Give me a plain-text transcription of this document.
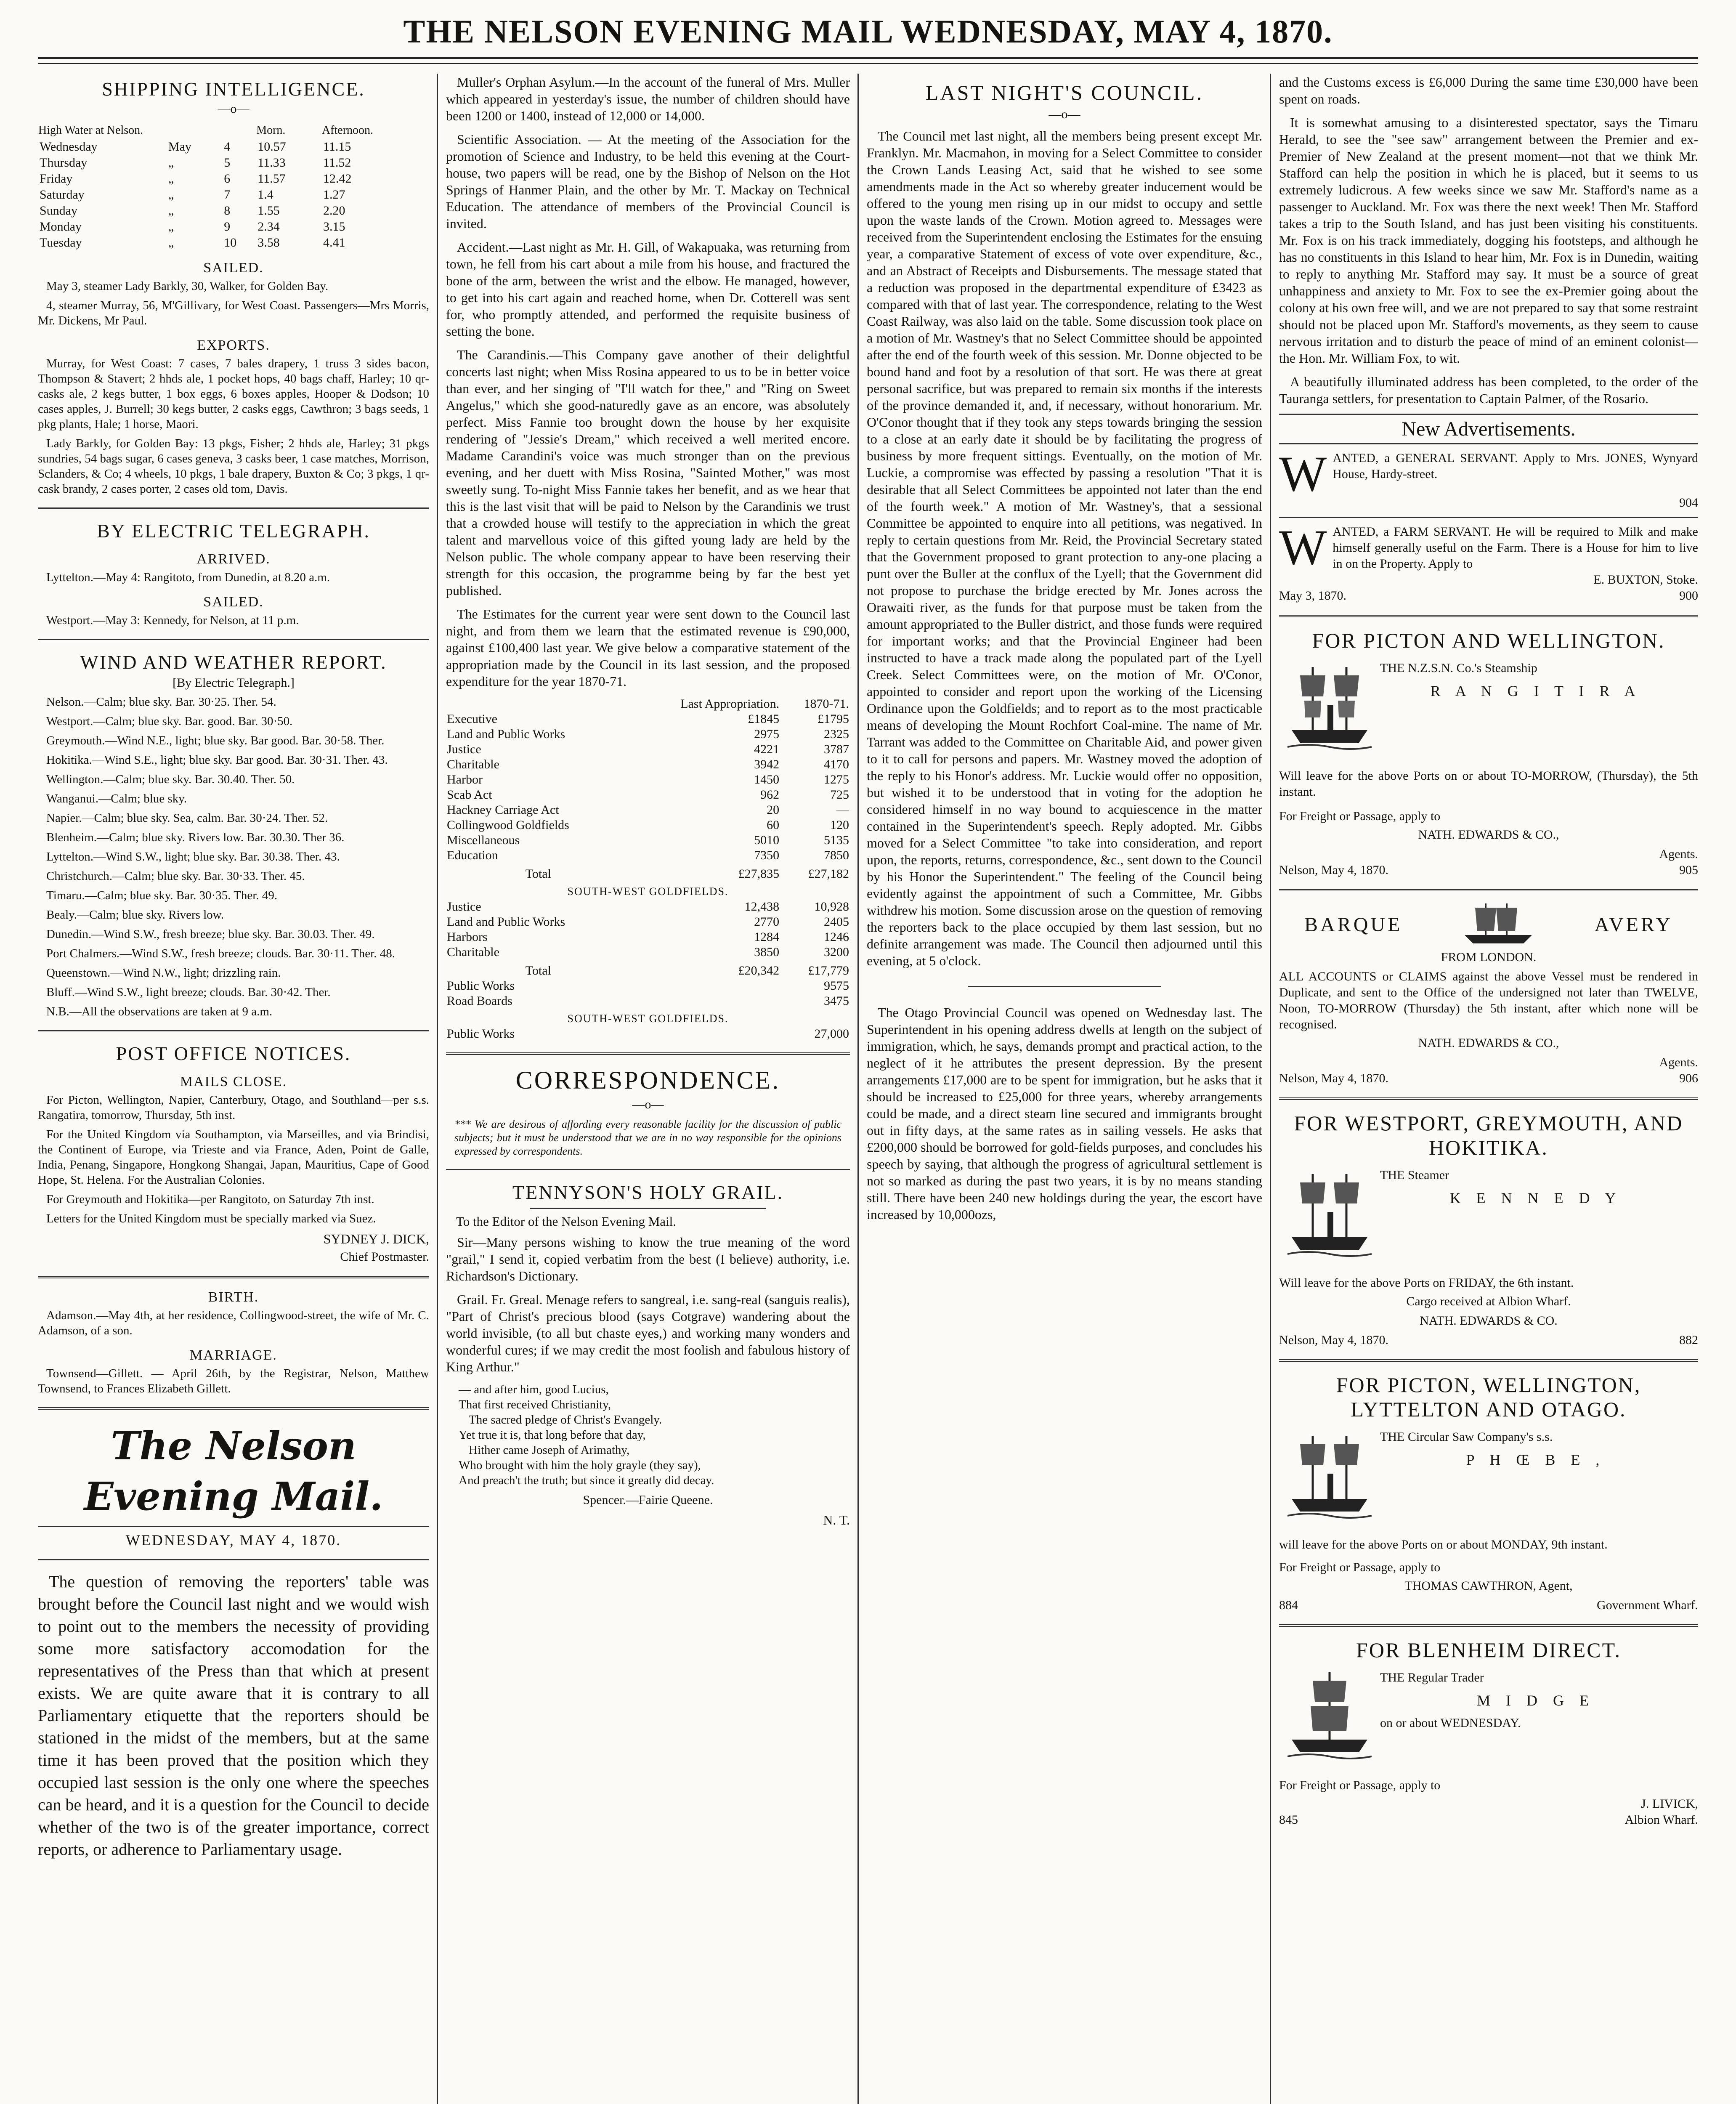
THE NELSON EVENING MAIL WEDNESDAY, MAY 4, 1870.
SHIPPING INTELLIGENCE.
—o—
High Water at Nelson.			Morn.	Afternoon.
Wednesday	May	4	10.57	11.15
Thursday	„	5	11.33	11.52
Friday	„	6	11.57	12.42
Saturday	„	7	1.4	1.27
Sunday	„	8	1.55	2.20
Monday	„	9	2.34	3.15
Tuesday	„	10	3.58	4.41
SAILED.
May 3, steamer Lady Barkly, 30, Walker, for Golden Bay.
4, steamer Murray, 56, M'Gillivary, for West Coast. Passengers—Mrs Morris, Mr. Dickens, Mr Paul.
EXPORTS.
Murray, for West Coast: 7 cases, 7 bales drapery, 1 truss 3 sides bacon, Thompson & Stavert; 2 hhds ale, 1 pocket hops, 40 bags chaff, Harley; 10 qr-casks ale, 2 kegs butter, 1 box eggs, 6 boxes apples, Hooper & Dodson; 10 cases apples, J. Burrell; 30 kegs butter, 2 casks eggs, Cawthron; 3 bags seeds, 1 pkg plants, Hale; 1 horse, Maori.
Lady Barkly, for Golden Bay: 13 pkgs, Fisher; 2 hhds ale, Harley; 31 pkgs sundries, 54 bags sugar, 6 cases geneva, 3 casks beer, 1 case matches, Morrison, Sclanders, & Co; 4 wheels, 10 pkgs, 1 bale drapery, Buxton & Co; 3 pkgs, 1 qr-cask brandy, 2 cases porter, 2 cases old tom, Davis.
BY ELECTRIC TELEGRAPH.
ARRIVED.
Lyttelton.—May 4: Rangitoto, from Dunedin, at 8.20 a.m.
SAILED.
Westport.—May 3: Kennedy, for Nelson, at 11 p.m.
WIND AND WEATHER REPORT.
[By Electric Telegraph.]
Nelson.—Calm; blue sky. Bar. 30·25. Ther. 54.
Westport.—Calm; blue sky. Bar. good. Bar. 30·50.
Greymouth.—Wind N.E., light; blue sky. Bar good. Bar. 30·58. Ther.
Hokitika.—Wind S.E., light; blue sky. Bar good. Bar. 30·31. Ther. 43.
Wellington.—Calm; blue sky. Bar. 30.40. Ther. 50.
Wanganui.—Calm; blue sky.
Napier.—Calm; blue sky. Sea, calm. Bar. 30·24. Ther. 52.
Blenheim.—Calm; blue sky. Rivers low. Bar. 30.30. Ther 36.
Lyttelton.—Wind S.W., light; blue sky. Bar. 30.38. Ther. 43.
Christchurch.—Calm; blue sky. Bar. 30·33. Ther. 45.
Timaru.—Calm; blue sky. Bar. 30·35. Ther. 49.
Bealy.—Calm; blue sky. Rivers low.
Dunedin.—Wind S.W., fresh breeze; blue sky. Bar. 30.03. Ther. 49.
Port Chalmers.—Wind S.W., fresh breeze; clouds. Bar. 30·11. Ther. 48.
Queenstown.—Wind N.W., light; drizzling rain.
Bluff.—Wind S.W., light breeze; clouds. Bar. 30·42. Ther.
N.B.—All the observations are taken at 9 a.m.
POST OFFICE NOTICES.
MAILS CLOSE.
For Picton, Wellington, Napier, Canterbury, Otago, and Southland—per s.s. Rangatira, tomorrow, Thursday, 5th inst.
For the United Kingdom via Southampton, via Marseilles, and via Brindisi, the Continent of Europe, via Trieste and via France, Aden, Point de Galle, India, Penang, Singapore, Hongkong Shangai, Japan, Mauritius, Cape of Good Hope, St. Helena. For the Australian Colonies.
For Greymouth and Hokitika—per Rangitoto, on Saturday 7th inst.
Letters for the United Kingdom must be specially marked via Suez.
SYDNEY J. DICK,
Chief Postmaster.
BIRTH.
Adamson.—May 4th, at her residence, Collingwood-street, the wife of Mr. C. Adamson, of a son.
MARRIAGE.
Townsend—Gillett. — April 26th, by the Registrar, Nelson, Matthew Townsend, to Frances Elizabeth Gillett.
The Nelson Evening Mail.
WEDNESDAY, MAY 4, 1870.
The question of removing the reporters' table was brought before the Council last night and we would wish to point out to the members the necessity of providing some more satisfactory accomodation for the representatives of the Press than that which at present exists. We are quite aware that it is contrary to all Parliamentary etiquette that the reporters should be stationed in the midst of the members, but at the same time it has been proved that the position which they occupied last session is the only one where the speeches can be heard, and it is a question for the Council to decide whether of the two is of the greater importance, correct reports, or adherence to Parliamentary usage.
Muller's Orphan Asylum.—In the account of the funeral of Mrs. Muller which appeared in yesterday's issue, the number of children should have been 1200 or 1400, instead of 12,000 or 14,000.
Scientific Association. — At the meeting of the Association for the promotion of Science and Industry, to be held this evening at the Court-house, two papers will be read, one by the Bishop of Nelson on the Hot Springs of Hanmer Plain, and the other by Mr. T. Mackay on Technical Education. The attendance of members of the Provincial Council is invited.
Accident.—Last night as Mr. H. Gill, of Wakapuaka, was returning from town, he fell from his cart about a mile from his house, and fractured the bone of the arm, between the wrist and the elbow. He managed, however, to get into his cart again and reached home, when Dr. Cotterell was sent for, who promptly attended, and performed the requisite business of setting the bone.
The Carandinis.—This Company gave another of their delightful concerts last night; when Miss Rosina appeared to us to be in better voice than ever, and her singing of "I'll watch for thee," and "Ring on Sweet Angelus," which she good-naturedly gave as an encore, was absolutely perfect. Miss Fannie too brought down the house by her exquisite rendering of "Jessie's Dream," which received a well merited encore. Madame Carandini's voice was much stronger than on the previous evening, and her duett with Miss Rosina, "Sainted Mother," was most sweetly sung. To-night Miss Fannie takes her benefit, and as we hear that this is the last visit that will be paid to Nelson by the Carandinis we trust that a crowded house will testify to the appreciation in which the great talent and marvellous voice of this gifted young lady are held by the Nelson public. The whole company appear to have been reserving their strength for this occasion, the programme being by far the best yet published.
The Estimates for the current year were sent down to the Council last night, and from them we learn that the estimated revenue is £90,000, against £100,400 last year. We give below a comparative statement of the appropriation made by the Council in its last session, and the proposed expenditure for the year 1870-71.
	Last Appropriation.	1870-71.
Executive	£1845	£1795
Land and Public Works	2975	2325
Justice	4221	3787
Charitable	3942	4170
Harbor	1450	1275
Scab Act	962	725
Hackney Carriage Act	20	—
Collingwood Goldfields	60	120
Miscellaneous	5010	5135
Education	7350	7850
Total	£27,835	£27,182
SOUTH-WEST GOLDFIELDS.		
Justice	12,438	10,928
Land and Public Works	2770	2405
Harbors	1284	1246
Charitable	3850	3200
Total	£20,342	£17,779
Public Works		9575
Road Boards		3475
SOUTH-WEST GOLDFIELDS.		
Public Works		27,000
CORRESPONDENCE.
—o—
*** We are desirous of affording every reasonable facility for the discussion of public subjects; but it must be understood that we are in no way responsible for the opinions expressed by correspondents.
TENNYSON'S HOLY GRAIL.
To the Editor of the Nelson Evening Mail.
Sir—Many persons wishing to know the true meaning of the word "grail," I send it, copied verbatim from the best (I believe) authority, i.e. Richardson's Dictionary.
Grail. Fr. Greal. Menage refers to sangreal, i.e. sang-real (sanguis realis), "Part of Christ's precious blood (says Cotgrave) wandering about the world invisible, (to all but chaste eyes,) and working many wonders and wonderful cures; if we may credit the most foolish and fabulous history of King Arthur."
— and after him, good Lucius,
That first received Christianity,
The sacred pledge of Christ's Evangely.
Yet true it is, that long before that day,
Hither came Joseph of Arimathy,
Who brought with him the holy grayle (they say),
And preach't the truth; but since it greatly did decay.
Spencer.—Fairie Queene.
N. T.
LAST NIGHT'S COUNCIL.
—o—
The Council met last night, all the members being present except Mr. Franklyn. Mr. Macmahon, in moving for a Select Committee to consider the Crown Lands Leasing Act, said that he wished to see some amendments made in the Act so whereby greater inducement would be offered to the young men rising up in our midst to occupy and settle upon the waste lands of the Crown. Motion agreed to. Messages were received from the Superintendent enclosing the Estimates for the ensuing year, a comparative Statement of excess of vote over expenditure, &c., and an Abstract of Receipts and Disbursements. The message stated that a reduction was proposed in the departmental expenditure of £3423 as compared with that of last year. The correspondence, relating to the West Coast Railway, was also laid on the table. Some discussion took place on a motion of Mr. Wastney's that no Select Committee should be appointed after the end of the fourth week of this session. Mr. Donne objected to be bound hand and foot by a resolution of that sort. He was there at great personal sacrifice, but was prepared to remain six months if the interests of the province demanded it, and, if necessary, without honorarium. Mr. O'Conor thought that if they took any steps towards bringing the session to a close at an early date it should be by facilitating the progress of business by more frequent sittings. Eventually, on the motion of Mr. Luckie, a compromise was effected by passing a resolution "That it is desirable that all Select Committees be appointed not later than the end of the fourth week." A motion of Mr. Wastney's, that a sessional Committee be appointed to enquire into all petitions, was negatived. In reply to certain questions from Mr. Reid, the Provincial Secretary stated that the Government proposed to grant protection to any-one placing a punt over the Buller at the conflux of the Lyell; that the Government did not propose to purchase the bridge erected by Mr. Jones across the Orawaiti river, as the funds for that purpose must be taken from the amount appropriated to the Buller district, and those funds were required for important works; and that the Provincial Engineer had been instructed to have a track made along the populated part of the Lyell Creek. Select Committees were, on the motion of Mr. O'Conor, appointed to consider and report upon the working of the Licensing Ordinance upon the Goldfields; and to report as to the most practicable means of developing the Mount Rochfort Coal-mine. The name of Mr. Tarrant was added to the Committee on Charitable Aid, and power given to it to call for persons and papers. Mr. Wastney moved the adoption of the reply to his Honor's address. Mr. Luckie would offer no opposition, but wished it to be understood that in voting for the adoption he considered himself in no way bound to acquiescence in the matter contained in the Superintendent's speech. Reply adopted. Mr. Gibbs moved for a Select Committee "to take into consideration, and report upon, the reports, returns, correspondence, &c., sent down to the Council by his Honor the Superintendent." The feeling of the Council being evidently against the appointment of such a Committee, Mr. Gibbs withdrew his motion. Some discussion arose on the question of removing the reporters back to the place occupied by them last session, but no definite arrangement was made. The Council then adjourned until this evening, at 5 o'clock.
The Otago Provincial Council was opened on Wednesday last. The Superintendent in his opening address dwells at length on the subject of immigration, which, he says, demands prompt and practical action, to the neglect of it he attributes the present depression. By the present arrangements £17,000 are to be spent for immigration, but he asks that it should be increased to £25,000 for three years, whereby arrangements could be made, and a direct steam line secured and immigrants brought out in fifty days, at the same rates as in sailing vessels. He asks that £200,000 should be borrowed for gold-fields purposes, and concludes his speech by saying, that although the progress of agricultural settlement is not so marked as during the past two years, it is by no means standing still. There have been 240 new holdings during the year, the escort have increased by 10,000ozs,
and the Customs excess is £6,000 During the same time £30,000 have been spent on roads.
It is somewhat amusing to a disinterested spectator, says the Timaru Herald, to see the "see saw" arrangement between the Premier and ex-Premier of New Zealand at the present moment—not that we think Mr. Stafford can help the position in which he is placed, but it seems to us extremely ludicrous. A few weeks since we saw Mr. Stafford's name as a passenger to Auckland. Mr. Fox was there the next week! Then Mr. Stafford takes a trip to the South Island, and has just been visiting his constituents. Mr. Fox is on his track immediately, dogging his footsteps, and although he has no constituents in this Island to hear him, Mr. Fox is in Dunedin, waiting to reply to anything Mr. Stafford may say. It must be a source of great unhappiness and anxiety to Mr. Fox to see the ex-Premier going about the colony at his own free will, and we are not prepared to say that some restraint should not be placed upon Mr. Stafford's movements, as they seem to cause nervous irritation and to disturb the peace of mind of an eminent colonist—the Hon. Mr. William Fox, to wit.
A beautifully illuminated address has been completed, to the order of the Tauranga settlers, for presentation to Captain Palmer, of the Rosario.
New Advertisements.
W ANTED, a GENERAL SERVANT. Apply to Mrs. JONES, Wynyard House, Hardy-street.
904
W ANTED, a FARM SERVANT. He will be required to Milk and make himself generally useful on the Farm. There is a House for him to live in on the Property. Apply to
E. BUXTON, Stoke.
May 3, 1870.	900
FOR PICTON AND WELLINGTON.
THE N.Z.S.N. Co.'s Steamship
R A N G I T I R A
Will leave for the above Ports on or about TO-MORROW, (Thursday), the 5th instant.
For Freight or Passage, apply to
NATH. EDWARDS & CO.,
Agents.
Nelson, May 4, 1870.	905
BARQUE	AVERY
FROM LONDON.
ALL ACCOUNTS or CLAIMS against the above Vessel must be rendered in Duplicate, and sent to the Office of the undersigned not later than TWELVE, Noon, TO-MORROW (Thursday) the 5th instant, after which none will be recognised.
NATH. EDWARDS & CO.,
Agents.
Nelson, May 4, 1870.	906
FOR WESTPORT, GREYMOUTH, AND HOKITIKA.
THE Steamer
K E N N E D Y
Will leave for the above Ports on FRIDAY, the 6th instant.
Cargo received at Albion Wharf.
NATH. EDWARDS & CO.
Nelson, May 4, 1870.	882
FOR PICTON, WELLINGTON, LYTTELTON AND OTAGO.
THE Circular Saw Company's s.s.
P H Œ B E ,
will leave for the above Ports on or about MONDAY, 9th instant.
For Freight or Passage, apply to
THOMAS CAWTHRON, Agent,
884	Government Wharf.
FOR BLENHEIM DIRECT.
THE Regular Trader
M I D G E
on or about WEDNESDAY.
For Freight or Passage, apply to
J. LIVICK,
845	Albion Wharf.
